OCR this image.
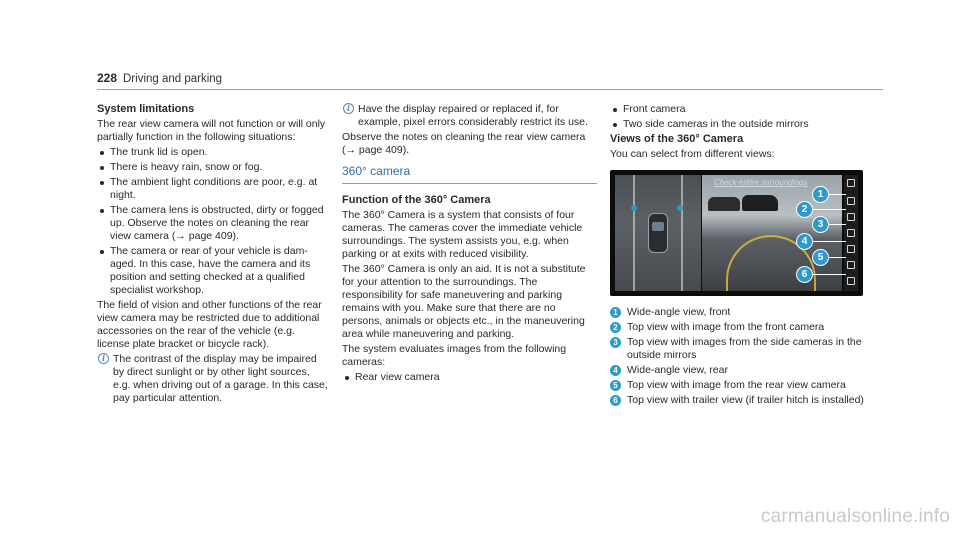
228 Driving and parking
System limitations

The rear view camera will not function or will only partially function in the following situations:

The trunk lid is open.
There is heavy rain, snow or fog.
The ambient light conditions are poor, e.g. at night.
The camera lens is obstructed, dirty or fogged up. Observe the notes on cleaning the rear view camera (→ page 409).
The camera or rear of your vehicle is damaged. In this case, have the camera and its position and setting checked at a qualified specialist workshop.

The field of vision and other functions of the rear view camera may be restricted due to additional accessories on the rear of the vehicle (e.g. license plate bracket or bicycle rack).

i The contrast of the display may be impaired by direct sunlight or by other light sources, e.g. when driving out of a garage. In this case, pay particular attention.
i Have the display repaired or replaced if, for example, pixel errors considerably restrict its use.

Observe the notes on cleaning the rear view camera (→ page 409).

360° camera
Function of the 360° Camera

The 360° Camera is a system that consists of four cameras. The cameras cover the immediate vehicle surroundings. The system assists you, e.g. when parking or at exits with reduced visibility.

The 360° Camera is only an aid. It is not a substitute for your attention to the surroundings. The responsibility for safe maneuvering and parking remains with you. Make sure that there are no persons, animals or objects etc., in the maneuvering area while maneuvering and parking.

The system evaluates images from the following cameras:

Rear view camera
Front camera
Two side cameras in the outside mirrors
Views of the 360° Camera

You can select from different views:

Check entire surroundings
1
2
3
4
5
6
1 Wide-angle view, front
2 Top view with image from the front camera
3 Top view with images from the side cameras in the outside mirrors
4 Wide-angle view, rear
5 Top view with image from the rear view camera
6 Top view with trailer view (if trailer hitch is installed)
carmanualsonline.info
